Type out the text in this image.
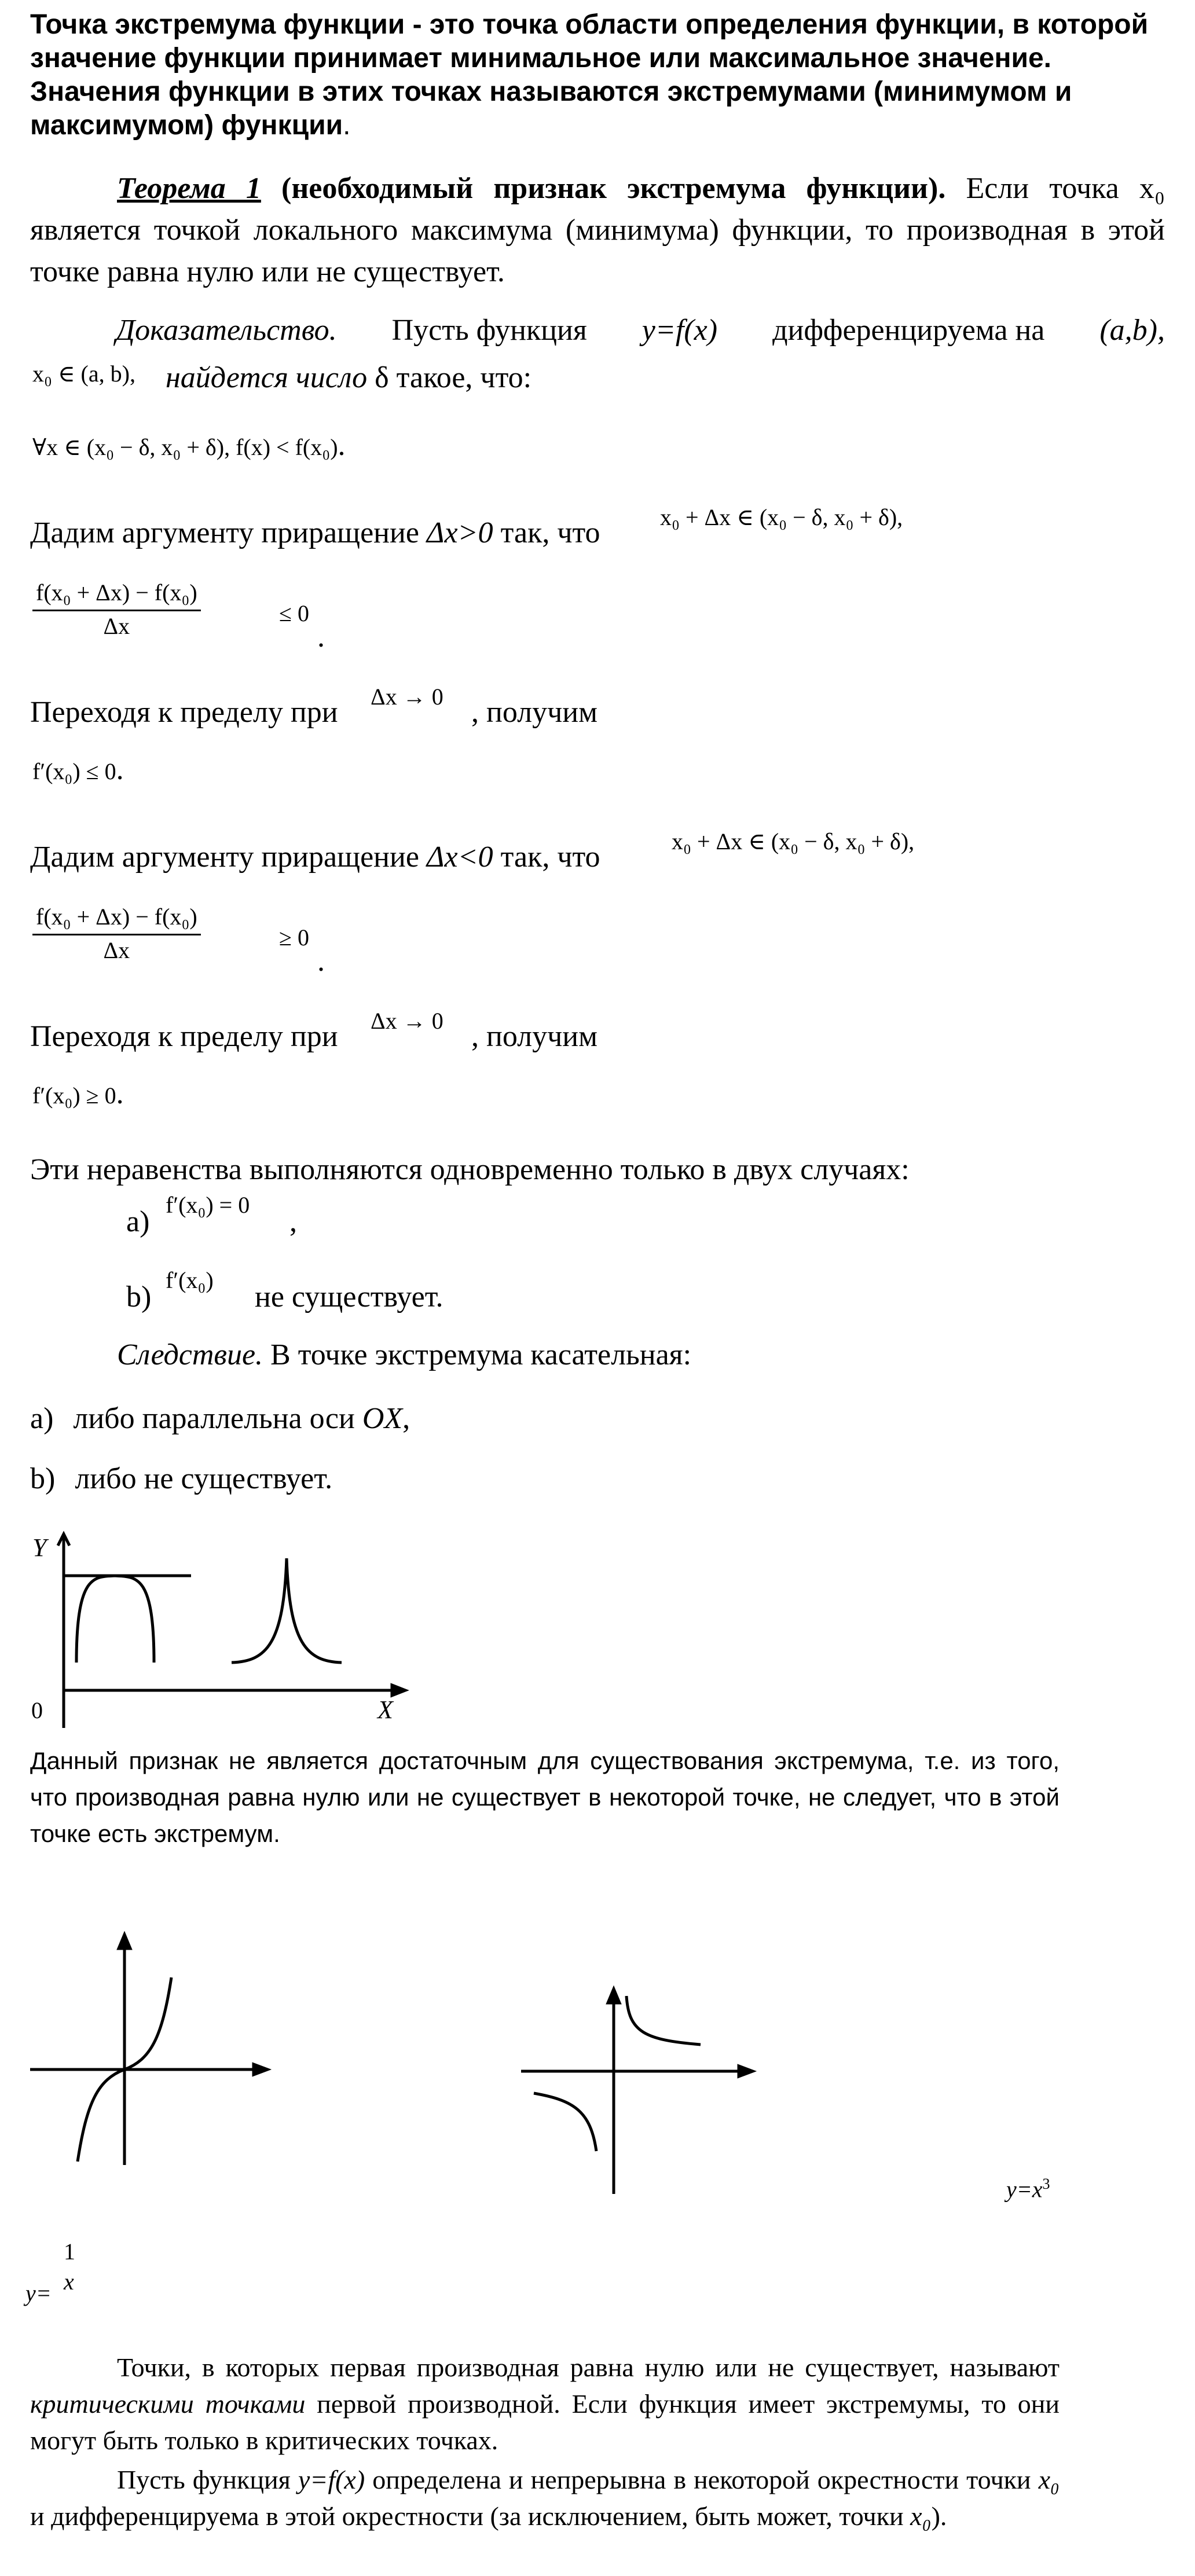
Точка экстремума функции - это точка области определения функции, в которой значение функции принимает минимальное или максимальное значение. Значения функции в этих точках называются экстремумами (минимумом и максимумом) функции.
Теорема 1 (необходимый признак экстремума функции). Если точка x₀ является точкой локального максимума (минимума) функции, то производная в этой точке равна нулю или не существует.
Доказательство. Пусть функция y=f(x) дифференцируема на (a,b),
x₀ ∈ (a, b), найдется число δ такое, что:
∀x ∈ (x₀ − δ, x₀ + δ), f(x) < f(x₀).
Дадим аргументу приращение Δx>0 так, что	x₀ + Δx ∈ (x₀ − δ, x₀ + δ),
$\frac{\text{f(x₀ + Δx) − f(x₀)}}{\Delta x}$	≤ 0
.
Переходя к пределу при Δx → 0 , получим
f′(x₀) ≤ 0.
Дадим аргументу приращение Δx<0 так, что	x₀ + Δx ∈ (x₀ − δ, x₀ + δ),
$\frac{\text{f(x₀ + Δx) − f(x₀)}}{\Delta x}$	≥ 0
.
Переходя к пределу при Δx → 0 , получим
f′(x₀) ≥ 0.
Эти неравенства выполняются одновременно только в двух случаях:
а)
f′(x₀) = 0
,
b)
f′(x₀)
не существует.
Следствие. В точке экстремума касательная:
а) либо параллельна оси OX,
b) либо не существует.
Y
0	X
Данный признак не является достаточным для существования экстремума, т.е. из того, что производная равна нулю или не существует в некоторой точке, не следует, что в этой точке есть экстремум.
$y=x^3$
y=
1
x
Точки, в которых первая производная равна нулю или не существует, называют критическими точками первой производной. Если функция имеет экстремумы, то они могут быть только в критических точках.
Пусть функция y=f(x) определена и непрерывна в некоторой окрестности точки x₀ и дифференцируема в этой окрестности (за исключением, быть может, точки x₀).
